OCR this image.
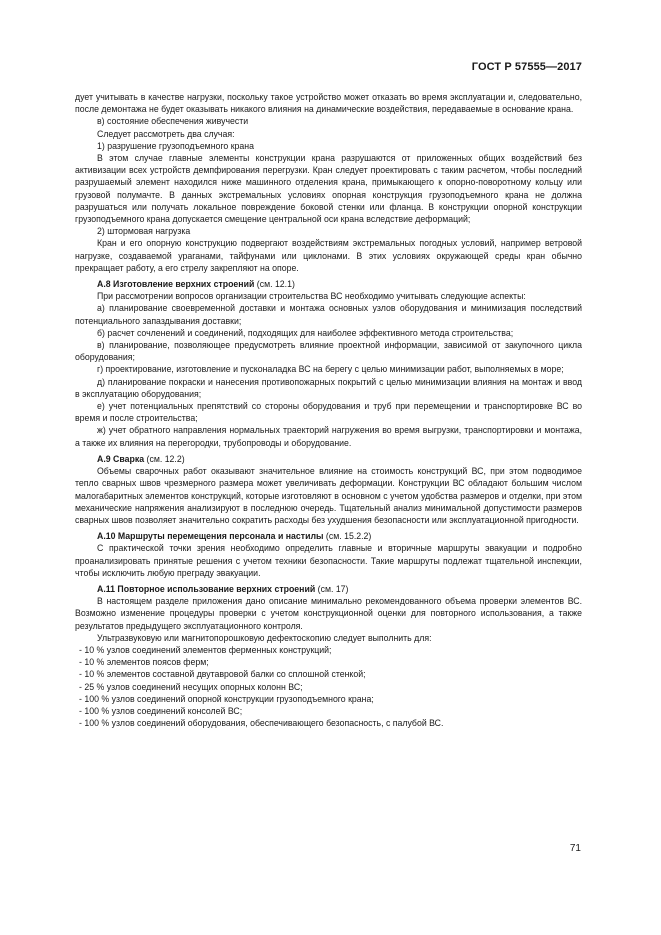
ГОСТ Р 57555—2017

дует учитывать в качестве нагрузки, поскольку такое устройство может отказать во время эксплуатации и, следовательно, после демонтажа не будет оказывать никакого влияния на динамические воздействия, передаваемые в основание крана.

в) состояние обеспечения живучести

Следует рассмотреть два случая:

1) разрушение грузоподъемного крана

В этом случае главные элементы конструкции крана разрушаются от приложенных общих воздействий без активизации всех устройств демпфирования перегрузки. Кран следует проектировать с таким расчетом, чтобы последний разрушаемый элемент находился ниже машинного отделения крана, примыкающего к опорно-поворотному кольцу или грузовой полумачте. В данных экстремальных условиях опорная конструкция грузоподъемного крана не должна разрушаться или получать локальное повреждение боковой стенки или фланца. В конструкции опорной конструкции грузоподъемного крана допускается смещение центральной оси крана вследствие деформаций;

2) штормовая нагрузка

Кран и его опорную конструкцию подвергают воздействиям экстремальных погодных условий, например ветровой нагрузке, создаваемой ураганами, тайфунами или циклонами. В этих условиях окружающей среды кран обычно прекращает работу, а его стрелу закрепляют на опоре.

А.8 Изготовление верхних строений (см. 12.1)

При рассмотрении вопросов организации строительства ВС необходимо учитывать следующие аспекты:

а) планирование своевременной доставки и монтажа основных узлов оборудования и минимизация последствий потенциального запаздывания доставки;

б) расчет сочленений и соединений, подходящих для наиболее эффективного метода строительства;

в) планирование, позволяющее предусмотреть влияние проектной информации, зависимой от закупочного цикла оборудования;

г) проектирование, изготовление и пусконаладка ВС на берегу с целью минимизации работ, выполняемых в море;

д) планирование покраски и нанесения противопожарных покрытий с целью минимизации влияния на монтаж и ввод в эксплуатацию оборудования;

е) учет потенциальных препятствий со стороны оборудования и труб при перемещении и транспортировке ВС во время и после строительства;

ж) учет обратного направления нормальных траекторий нагружения во время выгрузки, транспортировки и монтажа, а также их влияния на перегородки, трубопроводы и оборудование.

А.9 Сварка (см. 12.2)

Объемы сварочных работ оказывают значительное влияние на стоимость конструкций ВС, при этом подводимое тепло сварных швов чрезмерного размера может увеличивать деформации. Конструкции ВС обладают большим числом малогабаритных элементов конструкций, которые изготовляют в основном с учетом удобства размеров и отделки, при этом механические напряжения анализируют в последнюю очередь. Тщательный анализ минимальной допустимости размеров сварных швов позволяет значительно сократить расходы без ухудшения безопасности или эксплуатационной пригодности.

А.10 Маршруты перемещения персонала и настилы (см. 15.2.2)

С практической точки зрения необходимо определить главные и вторичные маршруты эвакуации и подробно проанализировать принятые решения с учетом техники безопасности. Такие маршруты подлежат тщательной инспекции, чтобы исключить любую преграду эвакуации.

А.11 Повторное использование верхних строений (см. 17)

В настоящем разделе приложения дано описание минимально рекомендованного объема проверки элементов ВС. Возможно изменение процедуры проверки с учетом конструкционной оценки для повторного использования, а также результатов предыдущего эксплуатационного контроля.

Ультразвуковую или магнитопорошковую дефектоскопию следует выполнить для:

- 10 % узлов соединений элементов ферменных конструкций;

- 10 % элементов поясов ферм;

- 10 % элементов составной двутавровой балки со сплошной стенкой;

- 25 % узлов соединений несущих опорных колонн ВС;

- 100 % узлов соединений опорной конструкции грузоподъемного крана;

- 100 % узлов соединений консолей ВС;

- 100 % узлов соединений оборудования, обеспечивающего безопасность, с палубой ВС.

71
